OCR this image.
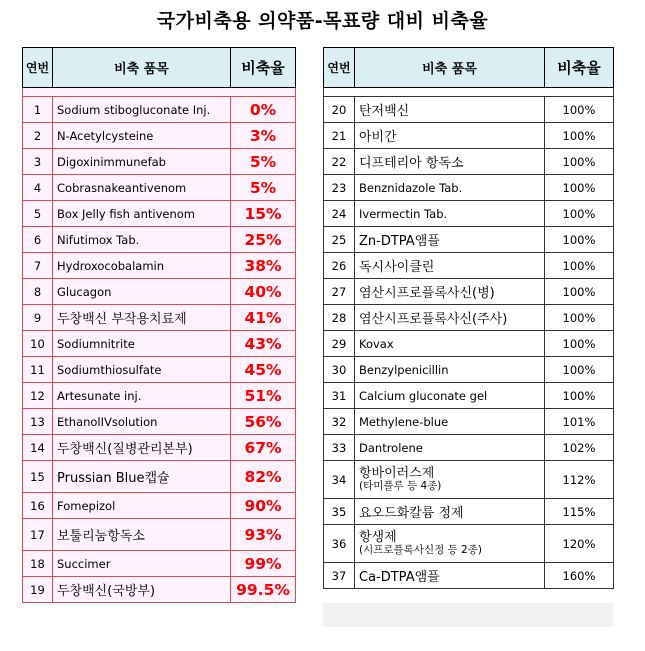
국가비축용 의약품-목표량 대비 비축율
연번	비축 품목	비축율

1	Sodium stibogluconate Inj.	0%
2	N-Acetylcysteine	3%
3	Digoxinimmunefab	5%
4	Cobrasnakeantivenom	5%
5	Box Jelly fish antivenom	15%
6	Nifutimox Tab.	25%
7	Hydroxocobalamin	38%
8	Glucagon	40%
9	두창백신 부작용치료제	41%
10	Sodiumnitrite	43%
11	Sodiumthiosulfate	45%
12	Artesunate inj.	51%
13	EthanolIVsolution	56%
14	두창백신(질병관리본부)	67%
15	Prussian Blue캡슐	82%
16	Fomepizol	90%
17	보툴리눔항독소	93%
18	Succimer	99%
19	두창백신(국방부)	99.5%
연번	비축 품목	비축율

20	탄저백신	100%
21	아비간	100%
22	디프테리아 항독소	100%
23	Benznidazole Tab.	100%
24	Ivermectin Tab.	100%
25	Zn-DTPA앰플	100%
26	독시사이클린	100%
27	염산시프로플록사신(병)	100%
28	염산시프로플록사신(주사)	100%
29	Kovax	100%
30	Benzylpenicillin	100%
31	Calcium gluconate gel	100%
32	Methylene-blue	101%
33	Dantrolene	102%
34	항바이러스제
(타미플루 등 4종)	112%
35	요오드화칼륨 정제	115%
36	항생제
(시프로플록사신정 등 2종)	120%
37	Ca-DTPA앰플	160%
